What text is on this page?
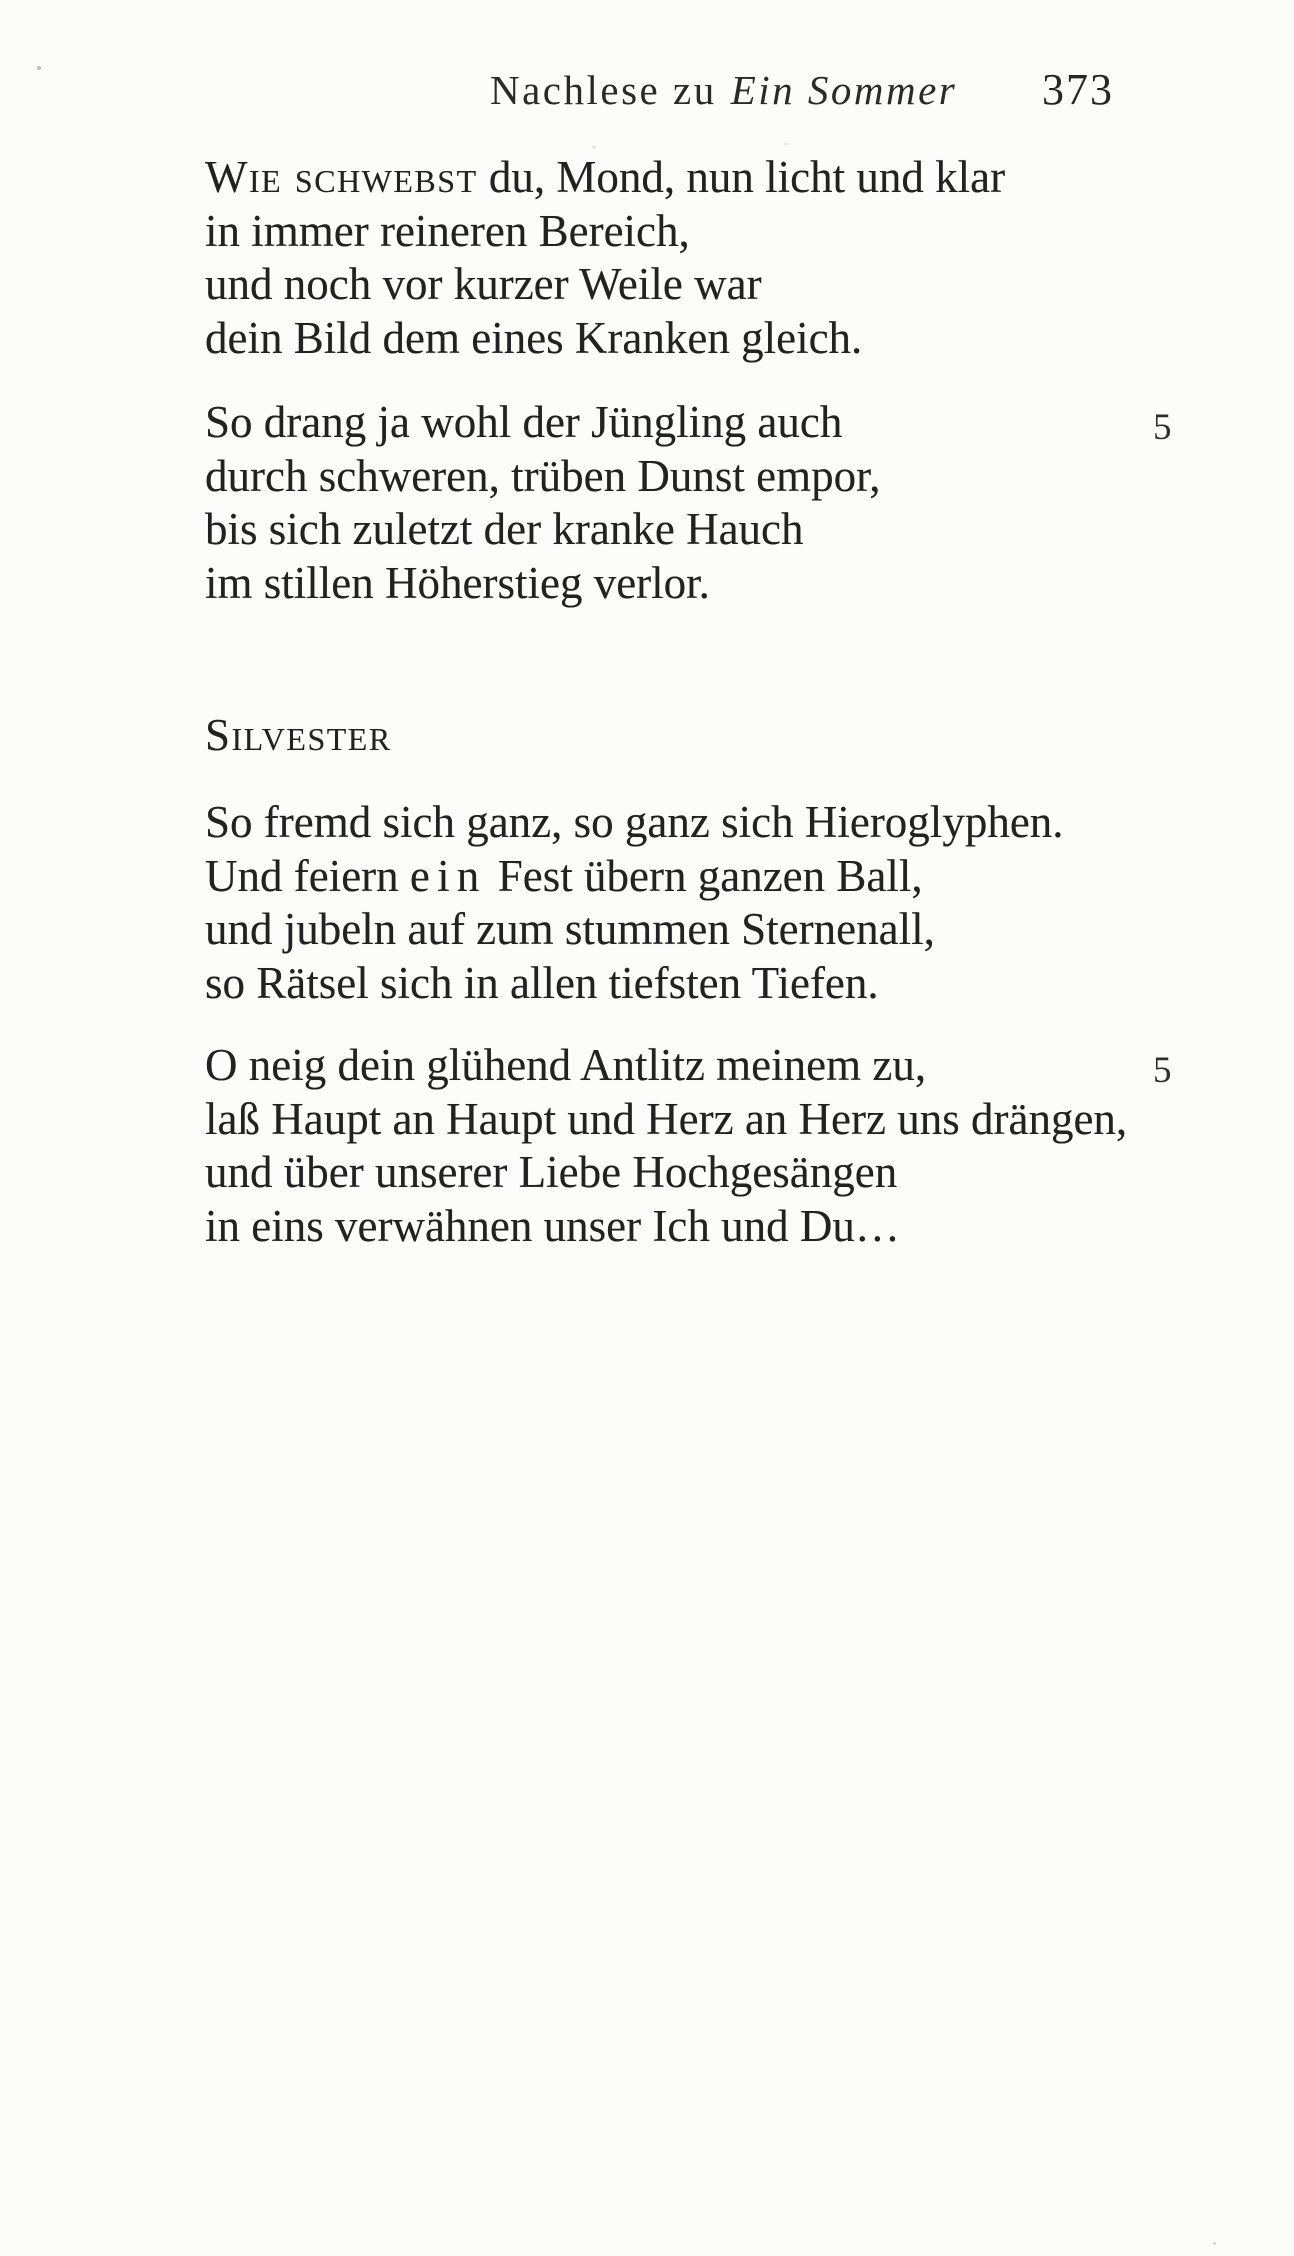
Nachlese zu Ein Sommer 373
Wie schwebst du, Mond, nun licht und klar
in immer reineren Bereich,
und noch vor kurzer Weile war
dein Bild dem eines Kranken gleich.
So drang ja wohl der Jüngling auch
durch schweren, trüben Dunst empor,
bis sich zuletzt der kranke Hauch
im stillen Höherstieg verlor.
5
Silvester
So fremd sich ganz, so ganz sich Hieroglyphen.
Und feiern ein Fest übern ganzen Ball,
und jubeln auf zum stummen Sternenall,
so Rätsel sich in allen tiefsten Tiefen.
O neig dein glühend Antlitz meinem zu,
laß Haupt an Haupt und Herz an Herz uns drängen,
und über unserer Liebe Hochgesängen
in eins verwähnen unser Ich und Du…
5
